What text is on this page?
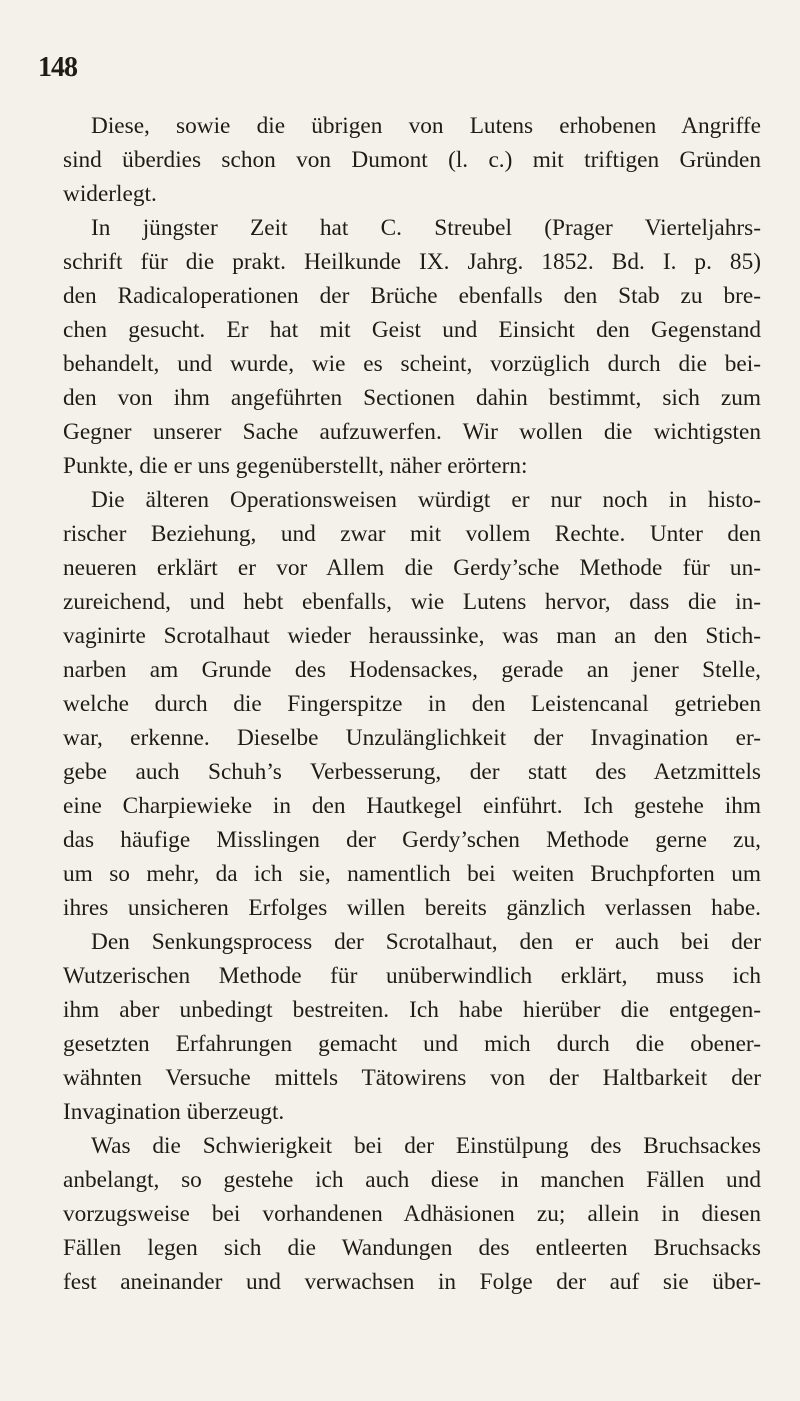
148
Diese, sowie die übrigen von Lutens erhobenen Angriffe
sind überdies schon von Dumont (l. c.) mit triftigen Gründen
widerlegt.
In jüngster Zeit hat C. Streubel (Prager Vierteljahrs-
schrift für die prakt. Heilkunde IX. Jahrg. 1852. Bd. I. p. 85)
den Radicaloperationen der Brüche ebenfalls den Stab zu bre-
chen gesucht. Er hat mit Geist und Einsicht den Gegenstand
behandelt, und wurde, wie es scheint, vorzüglich durch die bei-
den von ihm angeführten Sectionen dahin bestimmt, sich zum
Gegner unserer Sache aufzuwerfen. Wir wollen die wichtigsten
Punkte, die er uns gegenüberstellt, näher erörtern:
Die älteren Operationsweisen würdigt er nur noch in histo-
rischer Beziehung, und zwar mit vollem Rechte. Unter den
neueren erklärt er vor Allem die Gerdy’sche Methode für un-
zureichend, und hebt ebenfalls, wie Lutens hervor, dass die in-
vaginirte Scrotalhaut wieder heraussinke, was man an den Stich-
narben am Grunde des Hodensackes, gerade an jener Stelle,
welche durch die Fingerspitze in den Leistencanal getrieben
war, erkenne. Dieselbe Unzulänglichkeit der Invagination er-
gebe auch Schuh’s Verbesserung, der statt des Aetzmittels
eine Charpiewieke in den Hautkegel einführt. Ich gestehe ihm
das häufige Misslingen der Gerdy’schen Methode gerne zu,
um so mehr, da ich sie, namentlich bei weiten Bruchpforten um
ihres unsicheren Erfolges willen bereits gänzlich verlassen habe.
Den Senkungsprocess der Scrotalhaut, den er auch bei der
Wutzerischen Methode für unüberwindlich erklärt, muss ich
ihm aber unbedingt bestreiten. Ich habe hierüber die entgegen-
gesetzten Erfahrungen gemacht und mich durch die obener-
wähnten Versuche mittels Tätowirens von der Haltbarkeit der
Invagination überzeugt.
Was die Schwierigkeit bei der Einstülpung des Bruchsackes
anbelangt, so gestehe ich auch diese in manchen Fällen und
vorzugsweise bei vorhandenen Adhäsionen zu; allein in diesen
Fällen legen sich die Wandungen des entleerten Bruchsacks
fest aneinander und verwachsen in Folge der auf sie über-
